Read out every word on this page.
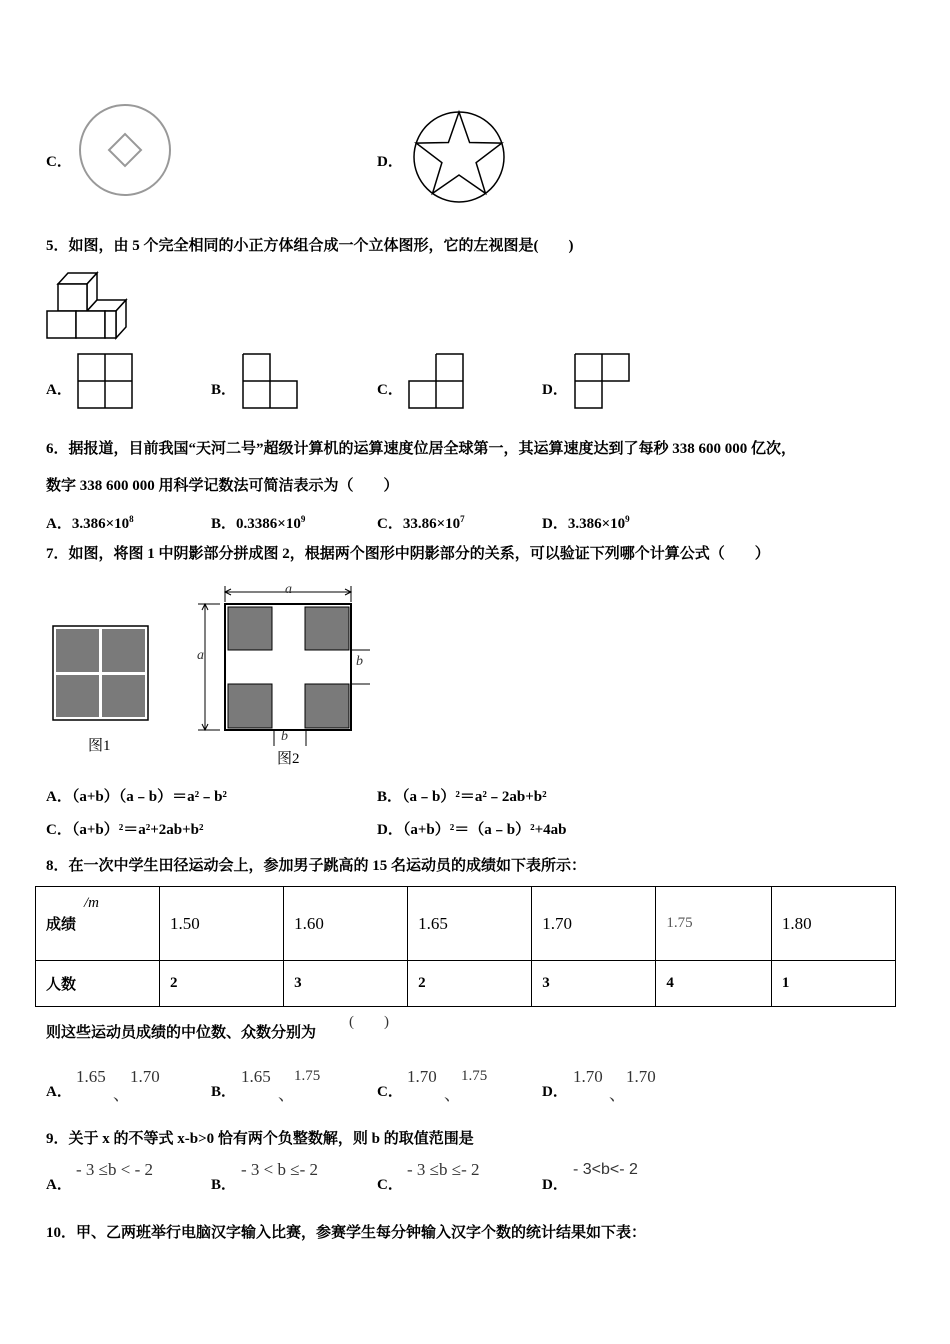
C．	D．
5．如图，由 5 个完全相同的小正方体组合成一个立体图形，它的左视图是(　　)
A．	B．	C．	D．
6．据报道，目前我国“天河二号”超级计算机的运算速度位居全球第一，其运算速度达到了每秒 338 600 000 亿次，
数字 338 600 000 用科学记数法可简洁表示为（　　）
A．$3.386\times 10^8$	B．$0.3386\times 10^9$	C．$33.86\times 10^7$	D．$3.386\times 10^9$
7．如图，将图 1 中阴影部分拼成图 2，根据两个图形中阴影部分的关系，可以验证下列哪个计算公式（　　）
图1
a
a	b
b
图2
A．（a+b）（a﹣b）＝a²﹣b²	B．（a﹣b）²＝a²﹣2ab+b²
C．（a+b）²＝a²+2ab+b²	D．（a+b）²＝（a﹣b）²+4ab
8．在一次中学生田径运动会上，参加男子跳高的 15 名运动员的成绩如下表所示：
成绩
/m	1.50	1.60	1.65	1.70	1.75	1.80
人数	2	3	2	3	4	1
则这些运动员成绩的中位数、众数分别为
(　　)
A．
1.65
、
1.70
B．
1.65
、
1.75
C．
1.70
、
1.75
D．
1.70
、
1.70
9．关于 x 的不等式 x-b>0 恰有两个负整数解，则 b 的取值范围是
A．
- 3 ≤b < - 2
B．
- 3 < b ≤- 2
C．
- 3 ≤b ≤- 2
D．
- 3<b<- 2
10．甲、乙两班举行电脑汉字输入比赛，参赛学生每分钟输入汉字个数的统计结果如下表：
